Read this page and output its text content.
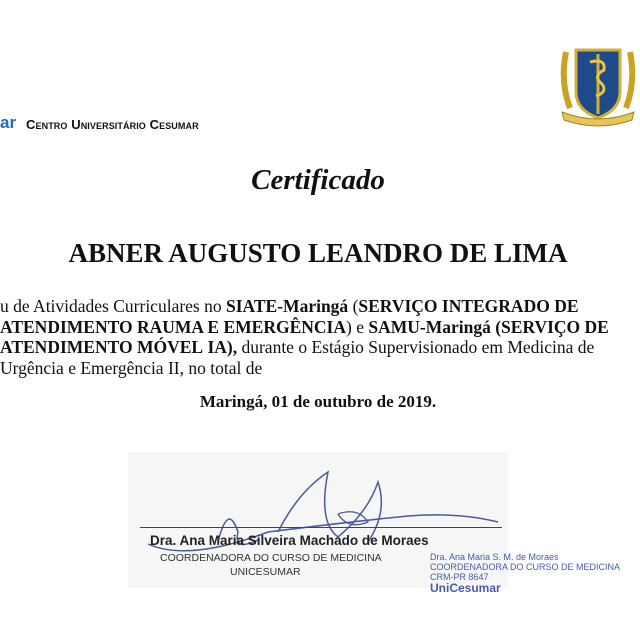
ar Centro Universitário Cesumar
Certificado
ABNER AUGUSTO LEANDRO DE LIMA
u de Atividades Curriculares no SIATE-Maringá (SERVIÇO INTEGRADO DE ATENDIMENTO RAUMA E EMERGÊNCIA) e SAMU-Maringá (SERVIÇO DE ATENDIMENTO MÓVEL IA), durante o Estágio Supervisionado em Medicina de Urgência e Emergência II, no total de
Maringá, 01 de outubro de 2019.
Dra. Ana Maria Silveira Machado de Moraes
COORDENADORA DO CURSO DE MEDICINA
UNICESUMAR
Dra. Ana Maria S. M. de Moraes
COORDENADORA DO CURSO DE MEDICINA
CRM-PR 8647
UniCesumar
